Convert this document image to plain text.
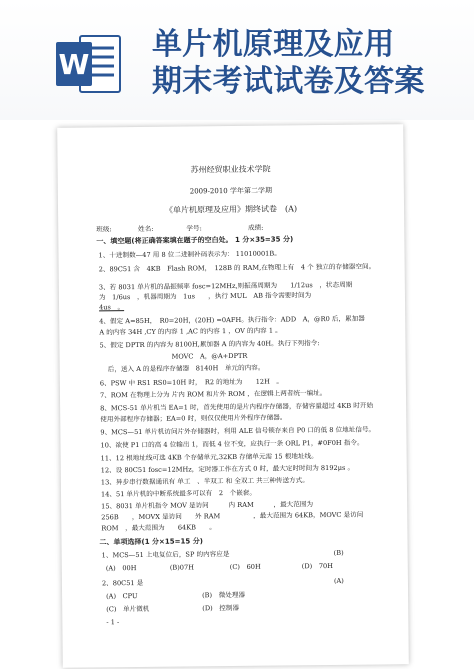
W
单片机原理及应用
期末考试试卷及答案
苏州经贸职业技术学院
2009-2010 学年第二学期
《单片机原理及应用》期终试卷　(A)
班级:　　　　姓名:　　　　　学号:　　　　　　　成绩:
一、填空题(将正确答案填在题子的空白处。 1 分×35=35 分)
1、十进制数—47 用 8 位二进制补码表示为： 11010001B。
2、89C51 含　4KB　Flash ROM，　128B 的 RAM,在物理上有　4 个 独立的存储器空间。
3、若 8031 单片机的晶振频率 fosc=12MHz,则振荡周期为　　1/12us　，状态周期
为　1/6us　，机器周期为　1us　　，执行 MUL　AB 指令需要时间为
4us　。
4、假定 A=85H，　R0=20H，(20H) =0AFH。执行指令：ADD　A，@R0 后，累加器
A 的内容 34H ,CY 的内容 1 ,AC 的内容 1 ，OV 的内容 1 。
5、假定 DPTR 的内容为 8100H,累加器 A 的内容为 40H。执行下列指令:
MOVC　A，@A+DPTR
后，送入 A 的是程序存储器　8140H　单元的内容。
6、PSW 中 RS1 RS0=10H 时，　R2 的地址为　　12H　。
7、ROM 在物理上分为 片内 ROM 和片外 ROM ，在逻辑上两者统一编址。
8、MCS-51 单片机当 EA=1 时，首先使用的是片内程序存储器，存储容量超过 4KB 时开始
使用外部程序存储器；EA=0 时，则仅仅使用片外程序存储器。
9、MCS—51 单片机访问片外存储器时，利用 ALE 信号锁存来自 P0 口的低 8 位地址信号。
10、欲使 P1 口的高 4 位输出 1，而低 4 位不变，应执行一条 ORL P1，#0F0H 指令。
11、12 根地址线可选 4KB 个存储单元,32KB 存储单元需 15 根地址线。
12、设 80C51 fosc=12MHz，定时器工作在方式 0 时，最大定时时间为 8192μs 。
13、异步串行数据通讯有 单工　、半双工 和 全双工 共三种传送方式。
14、51 单片机的中断系统最多可以有　2　个嵌套。
15、8031 单片机指令 MOV 是访问　　　内 RAM　　　，最大范围为
256B　　，MOVX 是访问　　外 RAM　　　　　，最大范围为 64KB，MOVC 是访问
ROM　，最大范围为　　64KB　　。
二、单项选择(1 分×15=15 分)
1、MCS—51 上电复位后，SP 的内容应是	(B)
(A)　00H	(B)07H	(C)　60H	(D)　70H
2、80C51 是	(A)
(A)　CPU	(B)　微处理器
(C)　单片微机	(D)　控制器
- 1 -
